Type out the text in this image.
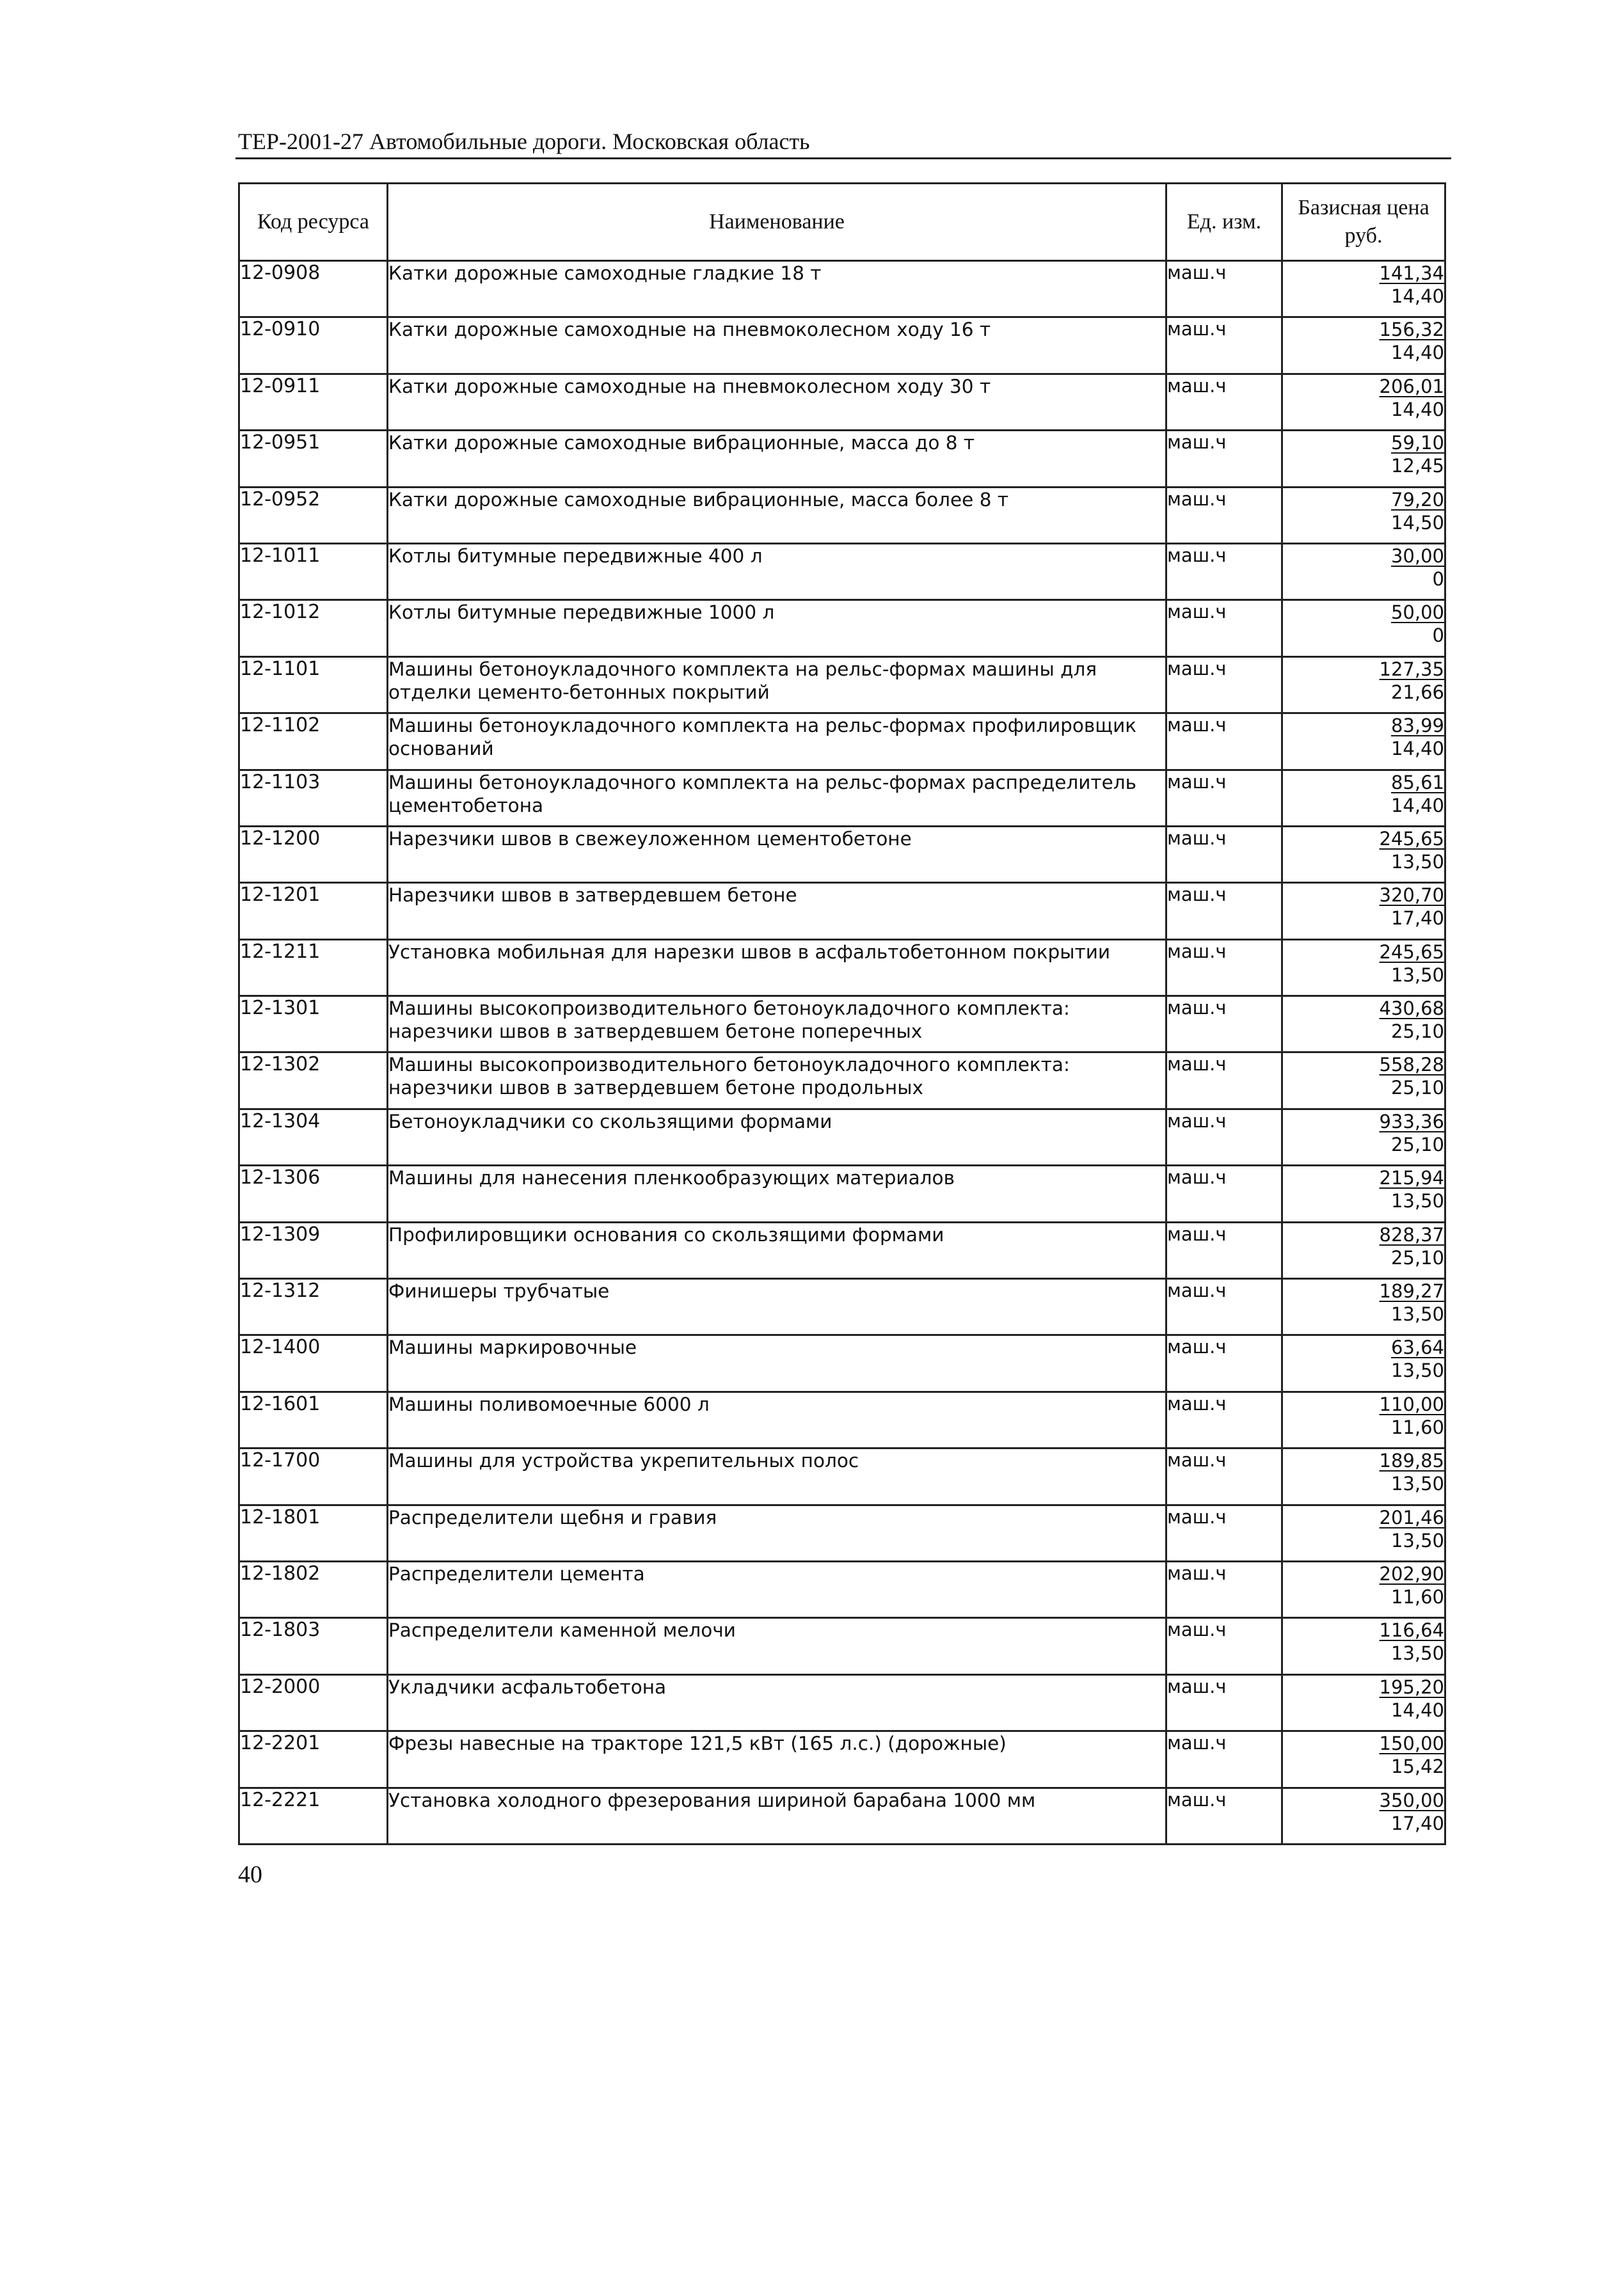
ТЕР-2001-27 Автомобильные дороги. Московская область
Код ресурса	Наименование	Ед. изм.	Базисная цена
руб.
12-0908	Катки дорожные самоходные гладкие 18 т	маш.ч	141,34
14,40

12-0910	Катки дорожные самоходные на пневмоколесном ходу 16 т	маш.ч	156,32
14,40

12-0911	Катки дорожные самоходные на пневмоколесном ходу 30 т	маш.ч	206,01
14,40

12-0951	Катки дорожные самоходные вибрационные, масса до 8 т	маш.ч	59,10
12,45

12-0952	Катки дорожные самоходные вибрационные, масса более 8 т	маш.ч	79,20
14,50

12-1011	Котлы битумные передвижные 400 л	маш.ч	30,00
0

12-1012	Котлы битумные передвижные 1000 л	маш.ч	50,00
0

12-1101	Машины бетоноукладочного комплекта на рельс-формах машины для отделки цементо-бетонных покрытий	маш.ч	127,35
21,66

12-1102	Машины бетоноукладочного комплекта на рельс-формах профилировщик оснований	маш.ч	83,99
14,40

12-1103	Машины бетоноукладочного комплекта на рельс-формах распределитель цементобетона	маш.ч	85,61
14,40

12-1200	Нарезчики швов в свежеуложенном цементобетоне	маш.ч	245,65
13,50

12-1201	Нарезчики швов в затвердевшем бетоне	маш.ч	320,70
17,40

12-1211	Установка мобильная для нарезки швов в асфальтобетонном покрытии	маш.ч	245,65
13,50

12-1301	Машины высокопроизводительного бетоноукладочного комплекта: нарезчики швов в затвердевшем бетоне поперечных	маш.ч	430,68
25,10

12-1302	Машины высокопроизводительного бетоноукладочного комплекта: нарезчики швов в затвердевшем бетоне продольных	маш.ч	558,28
25,10

12-1304	Бетоноукладчики со скользящими формами	маш.ч	933,36
25,10

12-1306	Машины для нанесения пленкообразующих материалов	маш.ч	215,94
13,50

12-1309	Профилировщики основания со скользящими формами	маш.ч	828,37
25,10

12-1312	Финишеры трубчатые	маш.ч	189,27
13,50

12-1400	Машины маркировочные	маш.ч	63,64
13,50

12-1601	Машины поливомоечные 6000 л	маш.ч	110,00
11,60

12-1700	Машины для устройства укрепительных полос	маш.ч	189,85
13,50

12-1801	Распределители щебня и гравия	маш.ч	201,46
13,50

12-1802	Распределители цемента	маш.ч	202,90
11,60

12-1803	Распределители каменной мелочи	маш.ч	116,64
13,50

12-2000	Укладчики асфальтобетона	маш.ч	195,20
14,40

12-2201	Фрезы навесные на тракторе 121,5 кВт (165 л.с.) (дорожные)	маш.ч	150,00
15,42

12-2221	Установка холодного фрезерования шириной барабана 1000 мм	маш.ч	350,00
17,40
40
